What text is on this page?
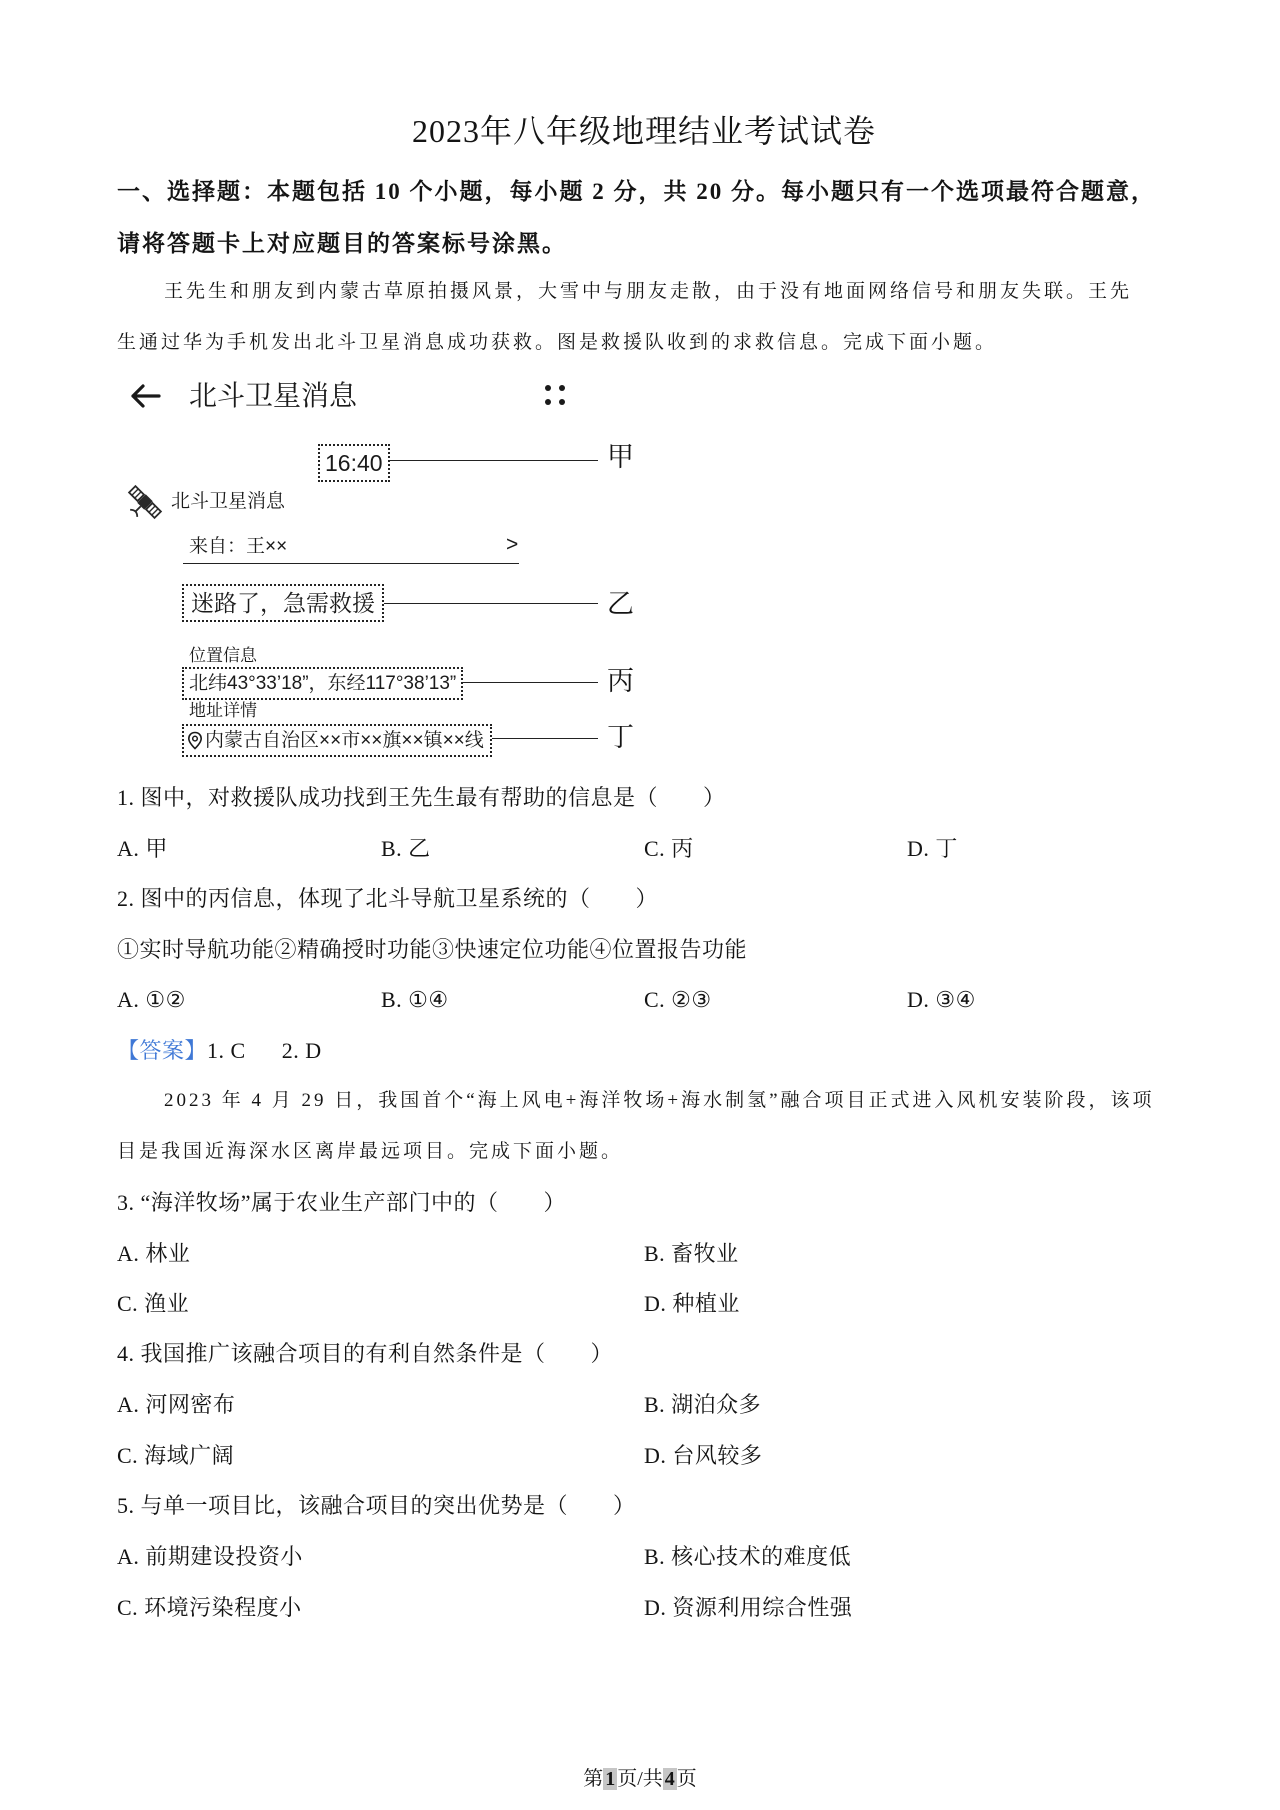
2023年八年级地理结业考试试卷
一、选择题：本题包括 10 个小题，每小题 2 分，共 20 分。每小题只有一个选项最符合题意，
请将答题卡上对应题目的答案标号涂黑。
王先生和朋友到内蒙古草原拍摄风景，大雪中与朋友走散，由于没有地面网络信号和朋友失联。王先
生通过华为手机发出北斗卫星消息成功获救。图是救援队收到的求救信息。完成下面小题。
北斗卫星消息
16:40	甲
北斗卫星消息
来自：王××	>
迷路了，急需救援	乙
位置信息
北纬43°33’18”，东经117°38’13”	丙
地址详情
内蒙古自治区××市××旗××镇××线	丁
1. 图中，对救援队成功找到王先生最有帮助的信息是（　　）
A. 甲	B. 乙	C. 丙	D. 丁
2. 图中的丙信息，体现了北斗导航卫星系统的（　　）
①实时导航功能②精确授时功能③快速定位功能④位置报告功能
A. ①②	B. ①④	C. ②③	D. ③④
【答案】1. C 2. D
2023 年 4 月 29 日，我国首个“海上风电+海洋牧场+海水制氢”融合项目正式进入风机安装阶段，该项
目是我国近海深水区离岸最远项目。完成下面小题。
3. “海洋牧场”属于农业生产部门中的（　　）
A. 林业	B. 畜牧业
C. 渔业	D. 种植业
4. 我国推广该融合项目的有利自然条件是（　　）
A. 河网密布	B. 湖泊众多
C. 海域广阔	D. 台风较多
5. 与单一项目比，该融合项目的突出优势是（　　）
A. 前期建设投资小	B. 核心技术的难度低
C. 环境污染程度小	D. 资源利用综合性强
第 1 页/共 4 页
